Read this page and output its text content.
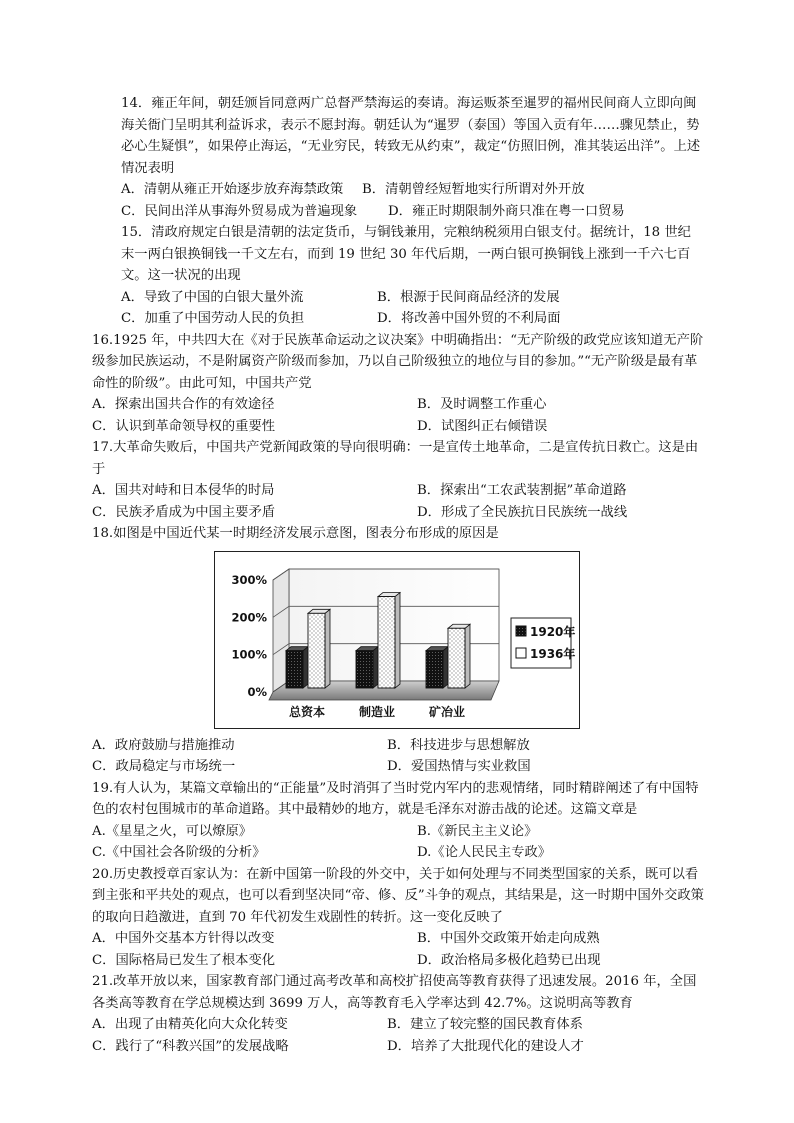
14．雍正年间，朝廷颁旨同意两广总督严禁海运的奏请。海运贩茶至暹罗的福州民间商人立即向闽海关衙门呈明其利益诉求，表示不愿封海。朝廷认为“暹罗（泰国）等国入贡有年……骤见禁止，势必心生疑惧”，如果停止海运，“无业穷民，转致无从约束”，裁定“仿照旧例，准其装运出洋”。上述情况表明
A．清朝从雍正开始逐步放弃海禁政策	B．清朝曾经短暂地实行所谓对外开放
C．民间出洋从事海外贸易成为普遍现象	D．雍正时期限制外商只准在粤一口贸易
15．清政府规定白银是清朝的法定货币，与铜钱兼用，完粮纳税须用白银支付。据统计，18 世纪末一两白银换铜钱一千文左右，而到 19 世纪 30 年代后期，一两白银可换铜钱上涨到一千六七百文。这一状况的出现
A．导致了中国的白银大量外流	B．根源于民间商品经济的发展
C．加重了中国劳动人民的负担	D．将改善中国外贸的不利局面
16.1925 年，中共四大在《对于民族革命运动之议决案》中明确指出：“无产阶级的政党应该知道无产阶级参加民族运动，不是附属资产阶级而参加，乃以自己阶级独立的地位与目的参加。”“无产阶级是最有革命性的阶级”。由此可知，中国共产党
A．探索出国共合作的有效途径	B．及时调整工作重心
C．认识到革命领导权的重要性	D．试图纠正右倾错误
17.大革命失败后，中国共产党新闻政策的导向很明确：一是宣传土地革命，二是宣传抗日救亡。这是由于
A．国共对峙和日本侵华的时局	B．探索出“工农武装割据”革命道路
C．民族矛盾成为中国主要矛盾	D．形成了全民族抗日民族统一战线
18.如图是中国近代某一时期经济发展示意图，图表分布形成的原因是
0%
100%
200%
300%
总资本	制造业	矿冶业
1920年
1936年
A．政府鼓励与措施推动	B．科技进步与思想解放
C．政局稳定与市场统一	D．爱国热情与实业救国
19.有人认为，某篇文章输出的“正能量”及时消弭了当时党内军内的悲观情绪，同时精辟阐述了有中国特色的农村包围城市的革命道路。其中最精妙的地方，就是毛泽东对游击战的论述。这篇文章是
A.《星星之火，可以燎原》	B.《新民主主义论》
C.《中国社会各阶级的分析》	D.《论人民民主专政》
20.历史教授章百家认为：在新中国第一阶段的外交中，关于如何处理与不同类型国家的关系，既可以看到主张和平共处的观点，也可以看到坚决同“帝、修、反”斗争的观点，其结果是，这一时期中国外交政策的取向日趋激进，直到 70 年代初发生戏剧性的转折。这一变化反映了
A．中国外交基本方针得以改变	B．中国外交政策开始走向成熟
C．国际格局已发生了根本变化	D．政治格局多极化趋势已出现
21.改革开放以来，国家教育部门通过高考改革和高校扩招使高等教育获得了迅速发展。2016 年，全国各类高等教育在学总规模达到 3699 万人，高等教育毛入学率达到 42.7%。这说明高等教育
A．出现了由精英化向大众化转变	B．建立了较完整的国民教育体系
C．践行了“科教兴国”的发展战略	D．培养了大批现代化的建设人才
